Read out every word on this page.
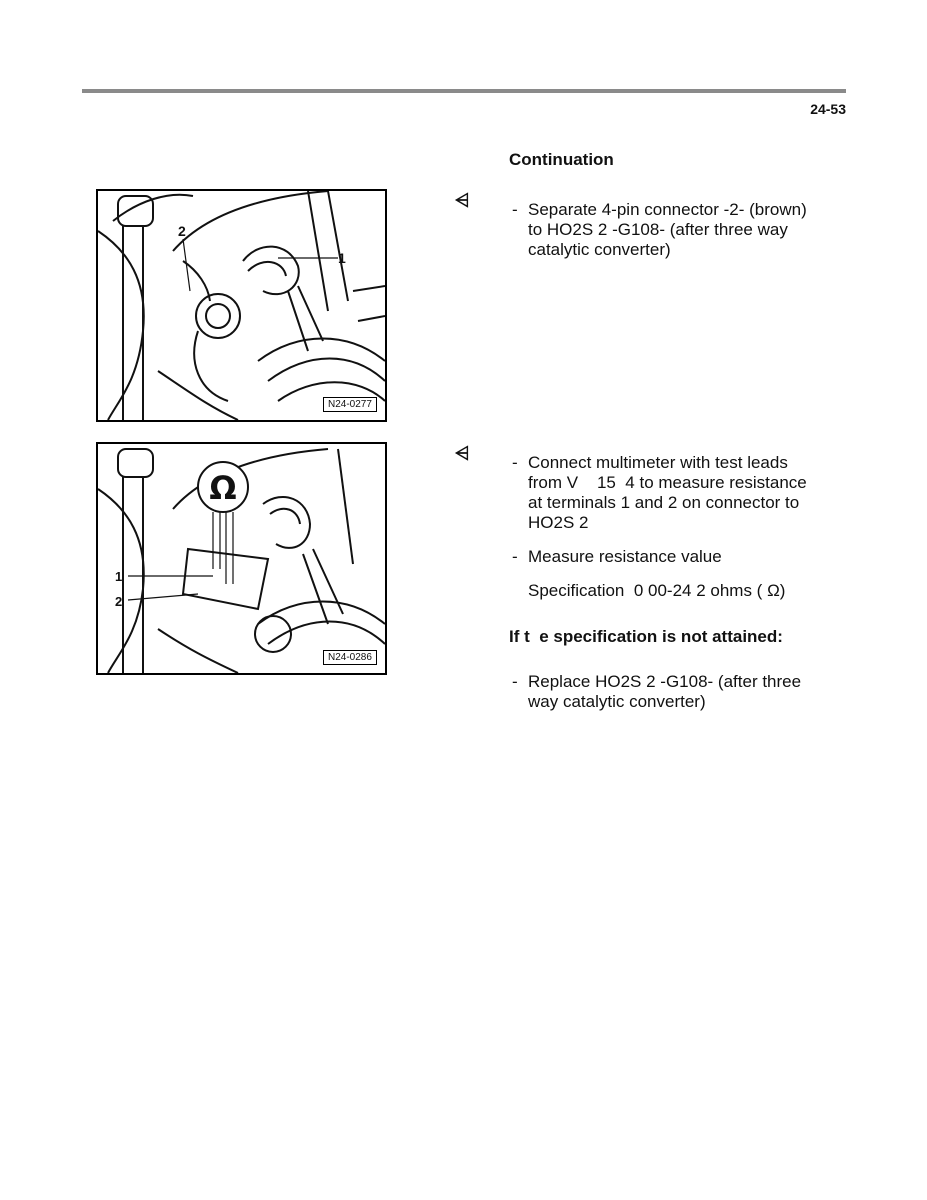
24-53
Continuation
2
1
N24-0277
⩤	- Separate 4-pin connector -2- (brown)
to HO2S 2 -G108- (after three way
catalytic converter)
Ω
1
2
N24-0286
⩤	- Connect multimeter with test leads
from V    15  4 to measure resistance
at terminals 1 and 2 on connector to
HO2S 2
- Measure resistance value
Specification  0 00-24 2 ohms ( Ω)
If t  e specification is not attained:
- Replace HO2S 2 -G108- (after three
way catalytic converter)
